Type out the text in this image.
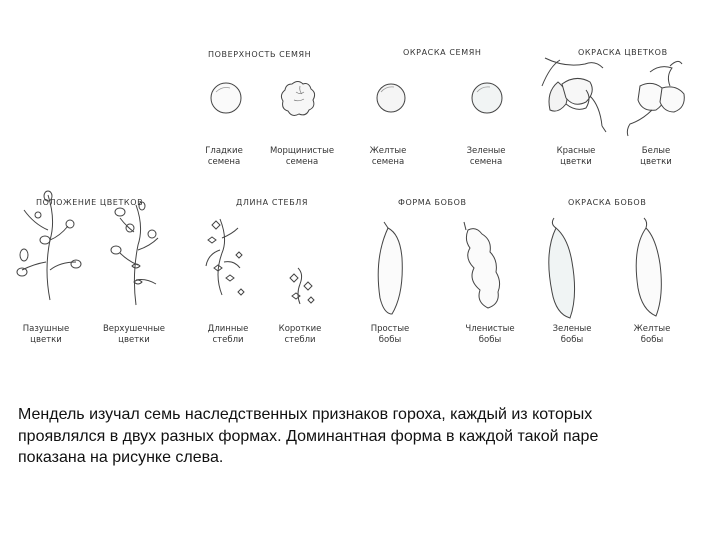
ПОВЕРХНОСТЬ СЕМЯН	ОКРАСКА СЕМЯН	ОКРАСКА ЦВЕТКОВ
ПОЛОЖЕНИЕ ЦВЕТКОВ	ДЛИНА СТЕБЛЯ	ФОРМА БОБОВ	ОКРАСКА БОБОВ
Гладкие
семена
Морщинистые
семена
Желтые
семена
Зеленые
семена
Красные
цветки
Белые
цветки
Пазушные
цветки
Верхушечные
цветки
Длинные
стебли
Короткие
стебли
Простые
бобы
Членистые
бобы
Зеленые
бобы
Желтые
бобы
Мендель изучал семь наследственных признаков гороха, каждый из которых
проявлялся в двух разных формах. Доминантная форма в каждой такой паре
показана на рисунке слева.
